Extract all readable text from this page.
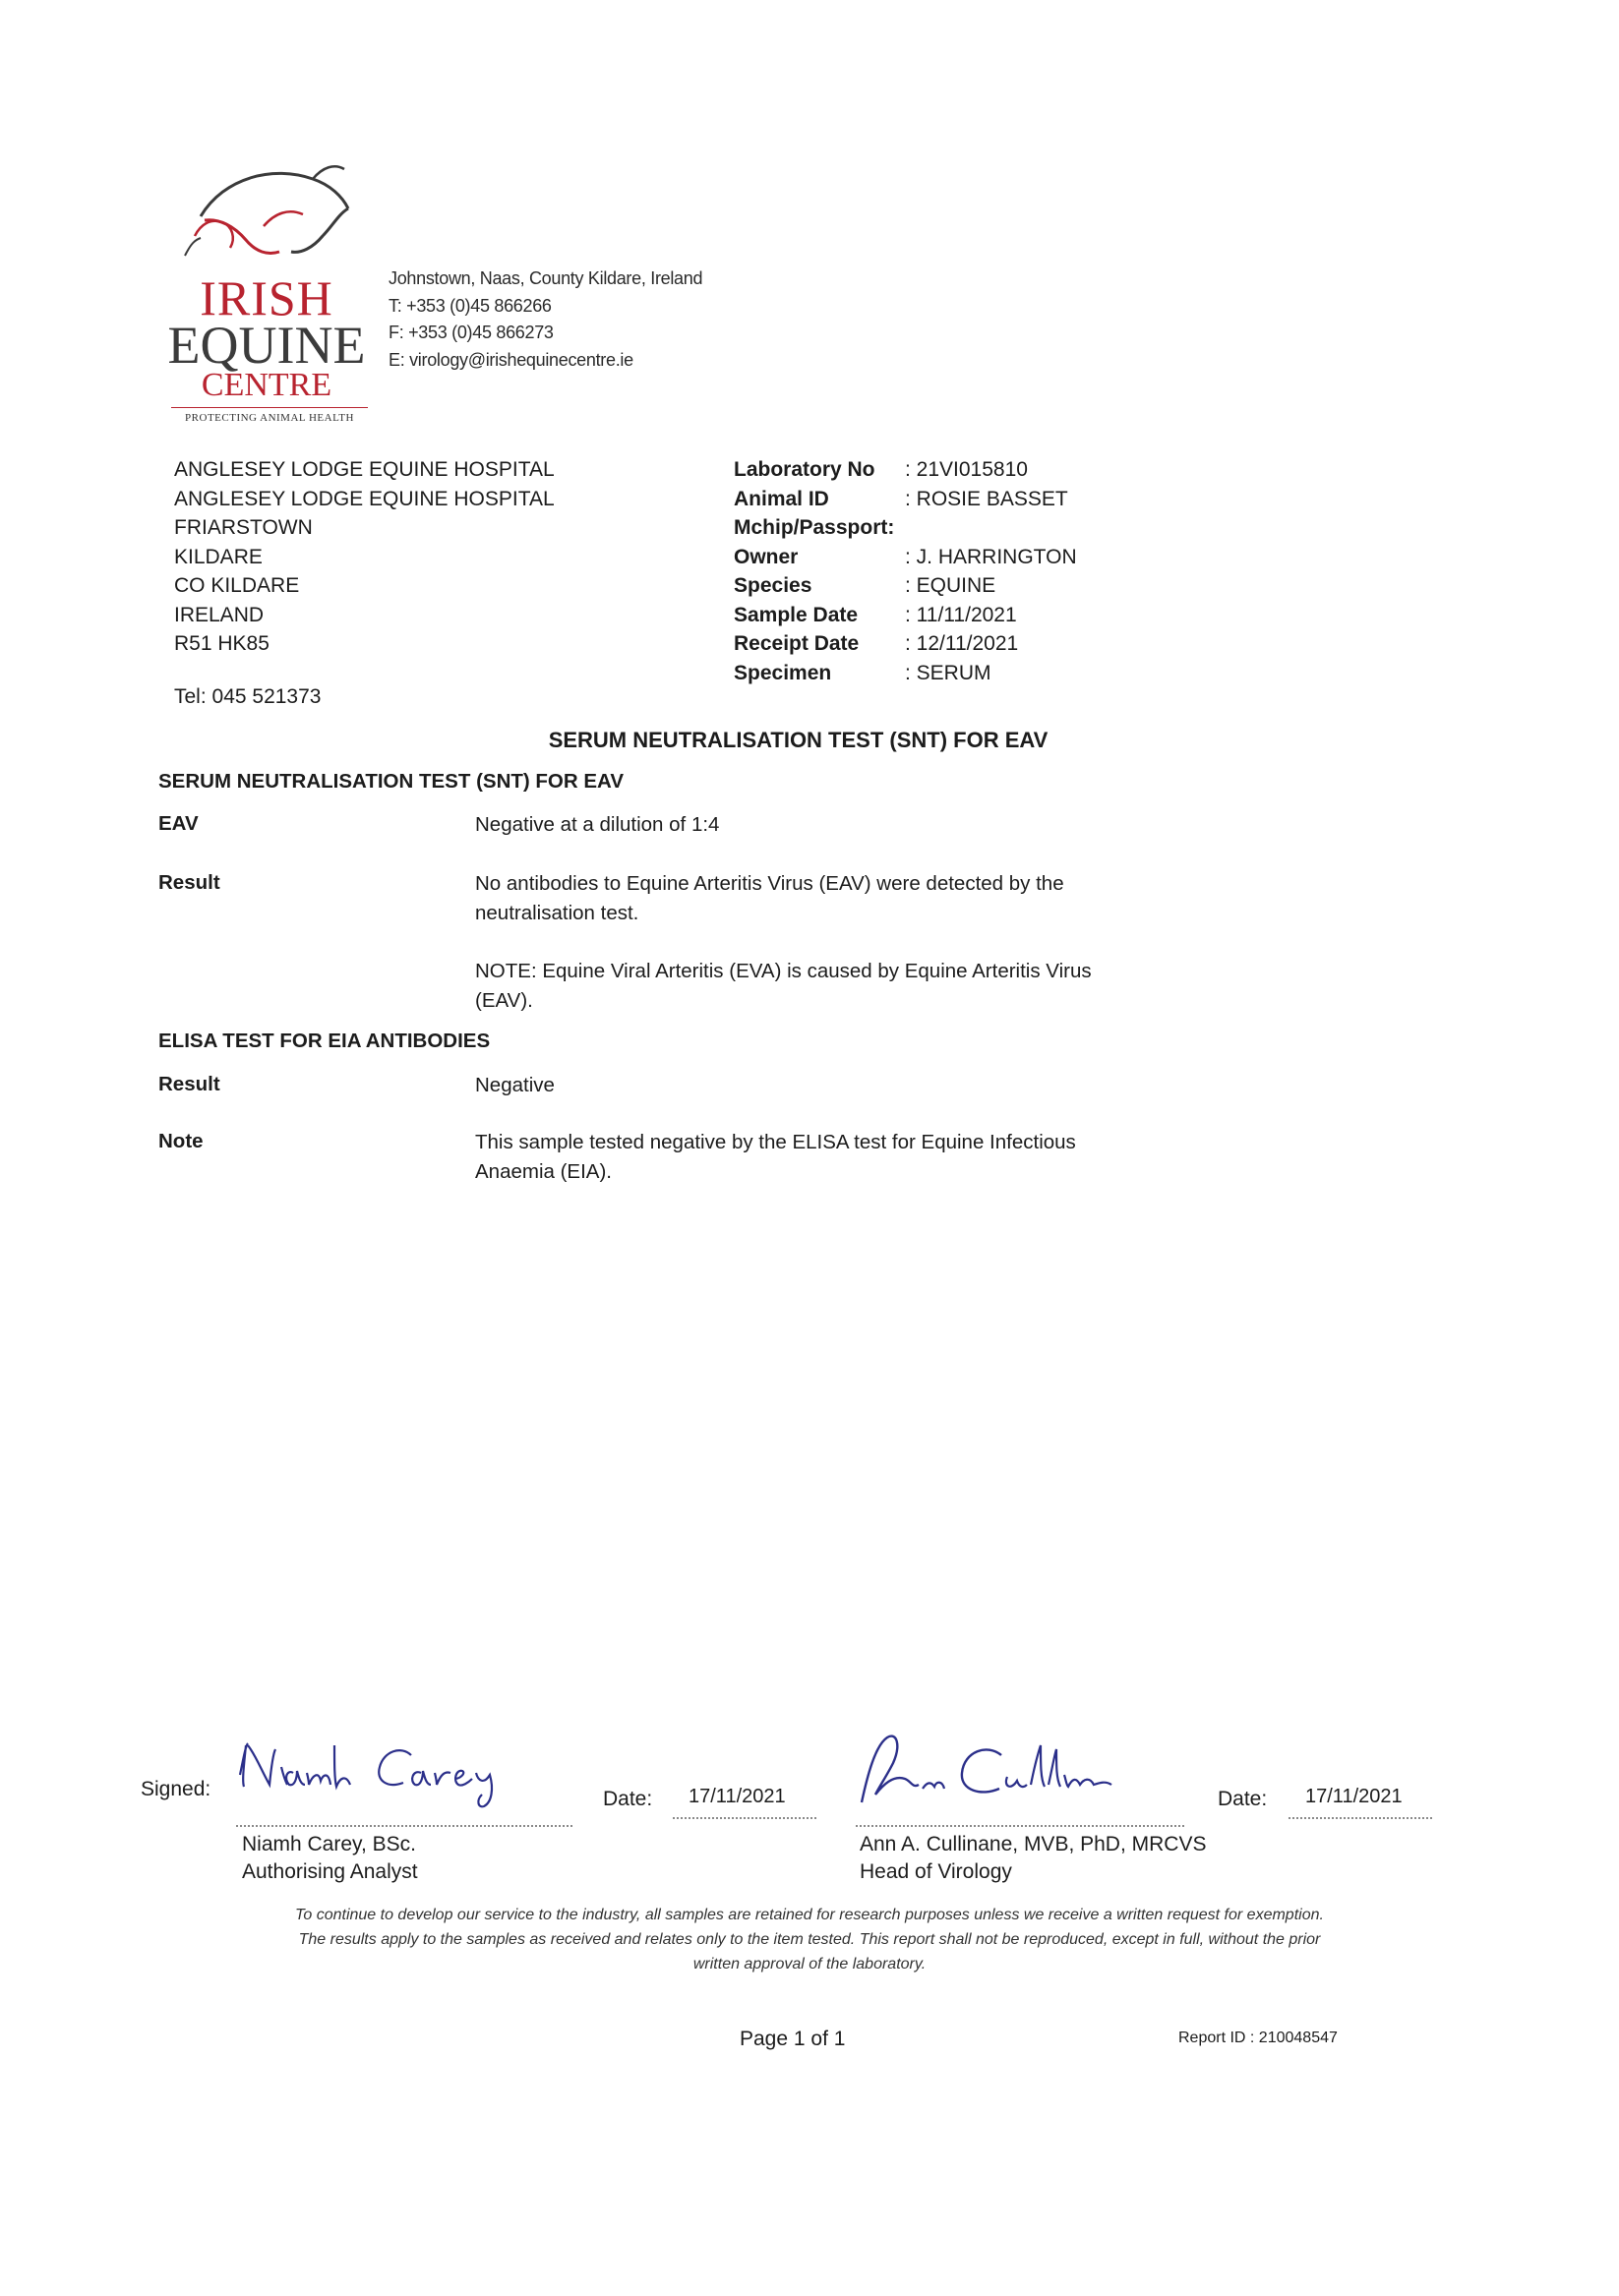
IRISH
EQUINE
CENTRE
PROTECTING ANIMAL HEALTH
Johnstown, Naas, County Kildare, Ireland
T: +353 (0)45 866266
F: +353 (0)45 866273
E: virology@irishequinecentre.ie
ANGLESEY LODGE EQUINE HOSPITAL
ANGLESEY LODGE EQUINE HOSPITAL
FRIARSTOWN
KILDARE
CO KILDARE
IRELAND
R51 HK85
Tel: 045 521373
Laboratory No	: 21VI015810
Animal ID	: ROSIE BASSET
Mchip/Passport:
Owner	: J. HARRINGTON
Species	: EQUINE
Sample Date	: 11/11/2021
Receipt Date	: 12/11/2021
Specimen	: SERUM
SERUM NEUTRALISATION TEST (SNT) FOR EAV
SERUM NEUTRALISATION TEST (SNT) FOR EAV
EAV	Negative at a dilution of 1:4
Result	No antibodies to Equine Arteritis Virus (EAV) were detected by the
neutralisation test.
NOTE: Equine Viral Arteritis (EVA) is caused by Equine Arteritis Virus
(EAV).
ELISA TEST FOR EIA ANTIBODIES
Result	Negative
Note	This sample tested negative by the ELISA test for Equine Infectious
Anaemia (EIA).
Signed:	Date: 17/11/2021
Niamh Carey, BSc.
Authorising Analyst
Date: 17/11/2021
Ann A. Cullinane, MVB, PhD, MRCVS
Head of Virology
To continue to develop our service to the industry, all samples are retained for research purposes unless we receive a written request for exemption.
The results apply to the samples as received and relates only to the item tested. This report shall not be reproduced, except in full, without the prior
written approval of the laboratory.
Page 1 of 1	Report ID : 210048547
